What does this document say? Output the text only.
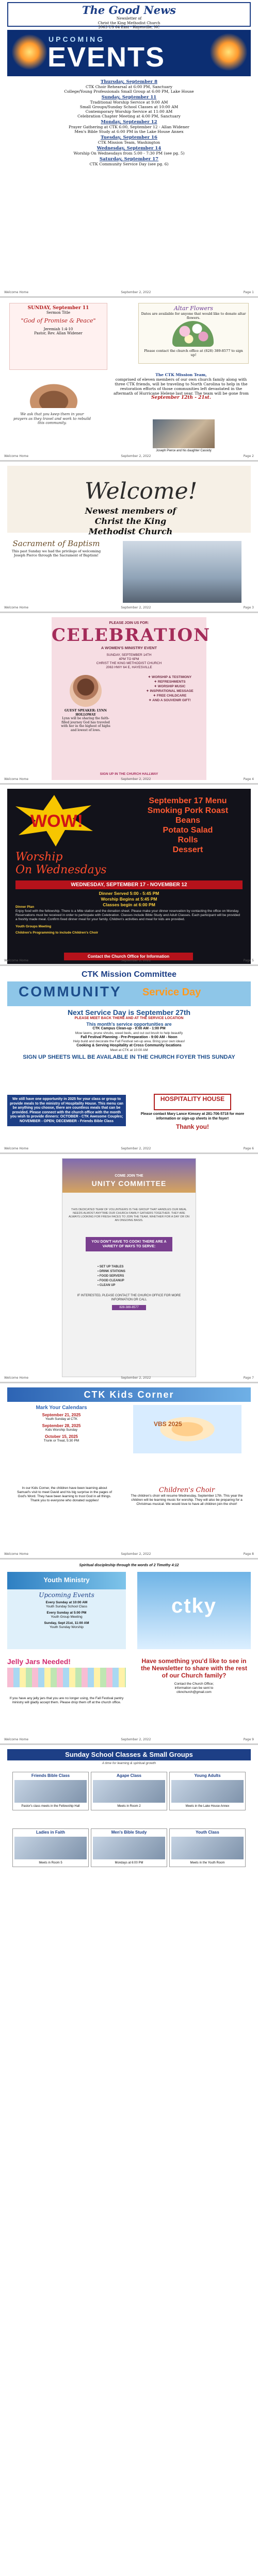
The Good News
Newsletter of
Christ the King Methodist Church
2063 US 64 East - Hayesville, NC
UPCOMING
EVENTS
Thursday, September 8
CTK Choir Rehearsal at 6:00 PM, Sanctuary
College/Young Professionals Small Group at 6:00 PM, Lake House
Sunday, September 11
Traditional Worship Service at 9:00 AM
Small Groups/Sunday School Classes at 10:00 AM
Contemporary Worship Service at 11:00 AM
Celebration Chapter Meeting at 4:00 PM, Sanctuary
Monday, September 12
Prayer Gathering at CTK 6:00, September 12 - Allan Widener
Men's Bible Study at 6:00 PM in the Lake House Annex
Tuesday, September 16
CTK Mission Team, Washington
Wednesday, September 14
Worship On Wednesdays from 5:00 - 7:30 PM (see pg. 5)
Saturday, September 17
CTK Community Service Day (see pg. 6)
Welcome Home	September 2, 2022	Page 1
SUNDAY, September 11
Sermon Title
"God of Promise & Peace"
Jeremiah 1:4-10
Pastor, Rev. Allan Widener
Altar Flowers
Dates are available for anyone that would like to donate altar flowers.
Please contact the church office at (828) 389-8577 to sign up!
We ask that you keep them in your prayers as they travel and work to rebuild this community.
The CTK Mission Team,
comprised of eleven members of our own church family along with three CTK friends, will be traveling to North Carolina to help in the restoration efforts of those communities left devastated in the aftermath of Hurricane Helene last year. The team will be gone from
September 12th - 21st.
Joseph Pierce and his daughter Cassidy
Welcome Home	September 2, 2022	Page 2
Welcome!
Newest members of Christ the King Methodist Church
Sacrament of Baptism
This past Sunday we had the privilege of welcoming Joseph Pierce through the Sacrament of Baptism!
Welcome Home	September 2, 2022	Page 3
PLEASE JOIN US FOR:
CELEBRATION
A WOMEN'S MINISTRY EVENT
SUNDAY, SEPTEMBER 14TH
4PM TO 6PM
CHRIST THE KING METHODIST CHURCH
2063 HWY 64 E, HAYESVILLE
GUEST SPEAKER: LYNN HOLLOWAY
Lynn will be sharing the faith-filled journey God has traveled with her in the highest of highs and lowest of lows.
✦ WORSHIP & TESTIMONY
✦ REFRESHMENTS
✦ WORSHIP MUSIC
✦ INSPIRATIONAL MESSAGE
✦ FREE CHILDCARE
✦ AND A SOUVENIR GIFT!
SIGN UP IN THE CHURCH HALLWAY
Welcome Home	September 2, 2022	Page 4
WOW!
September 17 Menu
Smoking Pork Roast
Beans
Potato Salad
Rolls
Dessert
Worship
On Wednesdays
WEDNESDAY, SEPTEMBER 17 - NOVEMBER 12
Dinner Served 5:00 - 5:45 PM
Worship Begins at 5:45 PM
Classes begin at 6:00 PM
Dinner Plan
Enjoy food with the fellowship. There is a Mite station and the donation sheet. Please make your dinner reservation by contacting the office on Monday. Reservations must be received in order to participate with Celebration. Classes include Bible Study and Adult Classes. Each participant will be provided a freshly made meal. Confirm fixed dinner meal for your family. Children's activities and meal for kids are provided.
Youth Groups Meeting
Children's Programming to include Children's Choir
Contact the Church Office for Information
Welcome Home	September 2, 2022	Page 5
CTK Mission Committee
COMMUNITY Service Day
Next Service Day is September 27th
PLEASE MEET BACK THERE AND AT THE SERVICE LOCATION
This month's service opportunities are
CTK Campus Clean-up - 9:00 AM - 1:00 PM
Mow lawns, prune shrubs, weed beds, and cut out brush to help beautify
Fall Festival Planning - Pre-Preparation - 9:00 AM - Noon
Help build and decorate the Fall Festival set-up area. Bring your own ideas!
Cooking & Serving Hospitality at Cross Community locations
Meet at CTK at 10:00 AM
SIGN UP SHEETS WILL BE AVAILABLE IN THE CHURCH FOYER THIS SUNDAY
We still have one opportunity in 2025 for your class or group to provide meals to the ministry of Hospitality House. This menu can be anything you choose, there are countless meals that can be provided. Please connect with the church office with the month you wish to provide dinners: OCTOBER - CTK Awesome Couples; NOVEMBER - OPEN; DECEMBER - Friends Bible Class
HOSPITALITY HOUSE
Please contact Mary Lance Kimsey at 281-706-5718 for more information or sign-up sheets in the foyer!
Thank you!
Welcome Home	September 2, 2022	Page 6
COME JOIN THE
UNITY COMMITTEE
THIS DEDICATED TEAM OF VOLUNTEERS IS THE GROUP THAT HANDLES OUR MEAL NEEDS ALMOST ANYTIME OUR CHURCH FAMILY GATHERS TOGETHER. THEY ARE ALWAYS LOOKING FOR FRESH FACES TO JOIN THE TEAM, WHETHER FOR A DAY OR ON AN ONGOING BASIS.
YOU DON'T HAVE TO COOK! THERE ARE A VARIETY OF WAYS TO SERVE:
• SET UP TABLES
• DRINK STATIONS
• FOOD SERVERS
• FOOD CLEANUP
• CLEAN UP
IF INTERESTED, PLEASE CONTACT THE CHURCH OFFICE FOR MORE INFORMATION OR CALL
828-389-8577
Welcome Home	September 2, 2022	Page 7
CTK Kids Corner
Mark Your Calendars
September 21, 2025
Youth Sunday at CTK
September 28, 2025
Kids Worship Sunday
October 15, 2025
Trunk or Treat, 5:30 PM
VBS 2025
In our Kids Corner, the children have been learning about Samuel's visit to meet David and his big surprise in the pages of God's Word. They have been learning to trust God in all things. Thank you to everyone who donated supplies!
Children's Choir
The children's choir will resume Wednesday, September 17th. This year the children will be learning music for worship. They will also be preparing for a Christmas musical. We would love to have all children join the choir!
Welcome Home	September 2, 2022	Page 8
Spiritual discipleship through the words of 2 Timothy 4:12
Youth Ministry
Upcoming Events
Every Sunday at 10:00 AM
Youth Sunday School Class
Every Sunday at 5:00 PM
Youth Group Meeting
Sunday, Sept 21st, 11:00 AM
Youth Sunday Worship
ctky
Jelly Jars Needed!
If you have any jelly jars that you are no longer using, the Fall Festival pantry ministry will gladly accept them. Please drop them off at the church office.
Have something you'd like to see in the Newsletter to share with the rest of our Church family?
Contact the Church Office; information can be sent to ctknchurch@gmail.com
Welcome Home	September 2, 2022	Page 9
Sunday School Classes & Small Groups
A time for learning & spiritual growth
Friends Bible Class
Pastor's class meets in the Fellowship Hall
Agape Class
Meets in Room 2
Young Adults
Meets in the Lake House Annex
Ladies in Faith
Meets in Room 5
Men's Bible Study
Mondays at 6:00 PM
Youth Class
Meets in the Youth Room
